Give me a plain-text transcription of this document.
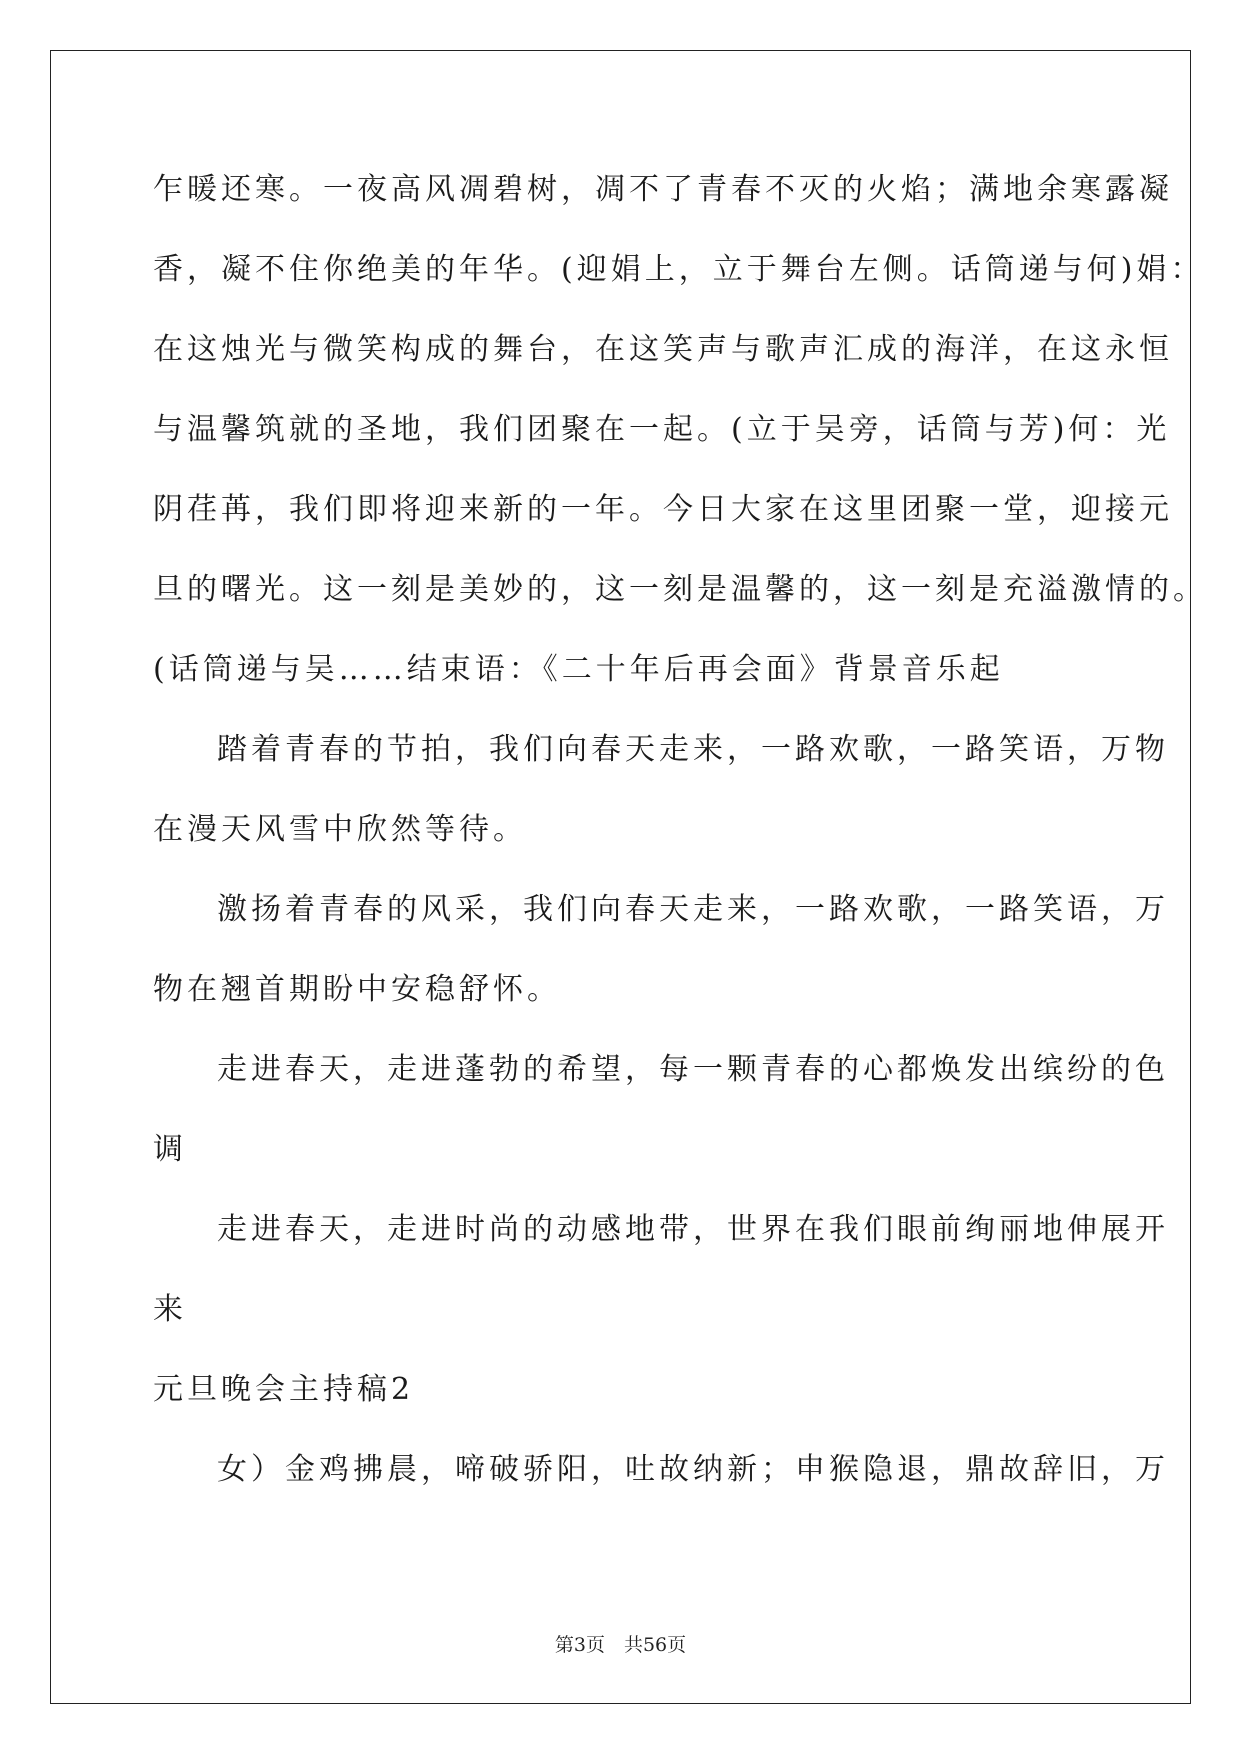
乍暖还寒。一夜高风凋碧树，凋不了青春不灭的火焰；满地余寒露凝

香，凝不住你绝美的年华。(迎娟上，立于舞台左侧。话筒递与何)娟：

在这烛光与微笑构成的舞台，在这笑声与歌声汇成的海洋，在这永恒

与温馨筑就的圣地，我们团聚在一起。(立于吴旁，话筒与芳)何：光

阴荏苒，我们即将迎来新的一年。今日大家在这里团聚一堂，迎接元

旦的曙光。这一刻是美妙的，这一刻是温馨的，这一刻是充溢激情的。

(话筒递与吴……结束语：《二十年后再会面》背景音乐起

踏着青春的节拍，我们向春天走来，一路欢歌，一路笑语，万物

在漫天风雪中欣然等待。

激扬着青春的风采，我们向春天走来，一路欢歌，一路笑语，万

物在翘首期盼中安稳舒怀。

走进春天，走进蓬勃的希望，每一颗青春的心都焕发出缤纷的色

调

走进春天，走进时尚的动感地带，世界在我们眼前绚丽地伸展开

来

元旦晚会主持稿2

女）金鸡拂晨，啼破骄阳，吐故纳新；申猴隐退，鼎故辞旧，万

第3页　共56页
